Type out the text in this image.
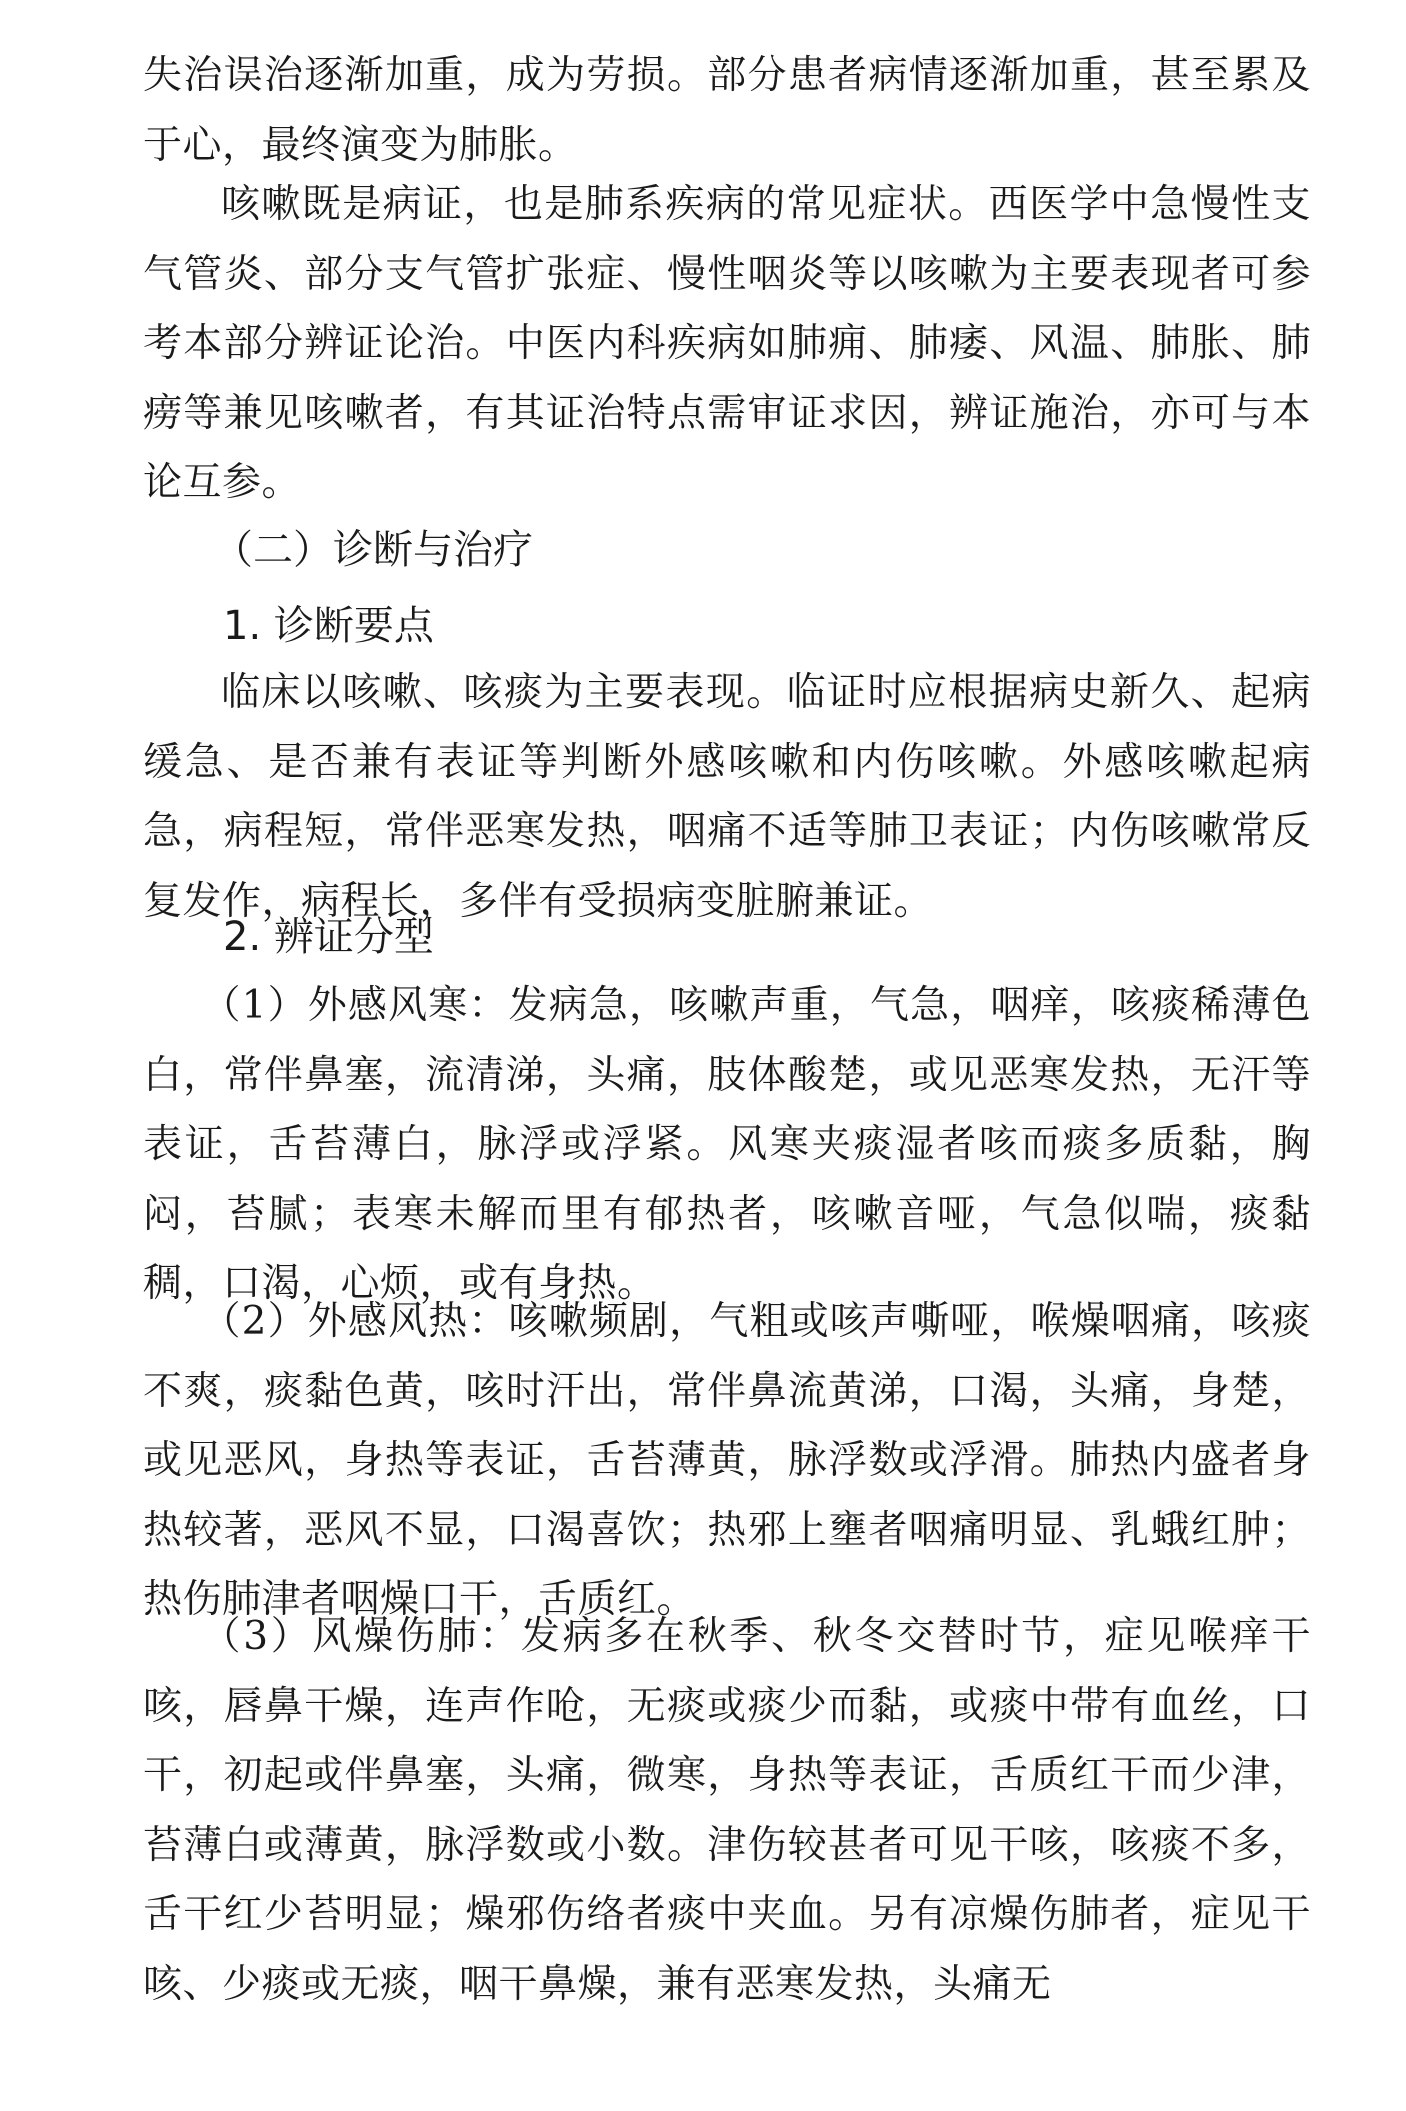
失治误治逐渐加重，成为劳损。部分患者病情逐渐加重，甚至累及于心，最终演变为肺胀。

咳嗽既是病证，也是肺系疾病的常见症状。西医学中急慢性支气管炎、部分支气管扩张症、慢性咽炎等以咳嗽为主要表现者可参考本部分辨证论治。中医内科疾病如肺痈、肺痿、风温、肺胀、肺痨等兼见咳嗽者，有其证治特点需审证求因，辨证施治，亦可与本论互参。

（二）诊断与治疗
1. 诊断要点

临床以咳嗽、咳痰为主要表现。临证时应根据病史新久、起病缓急、是否兼有表证等判断外感咳嗽和内伤咳嗽。外感咳嗽起病急，病程短，常伴恶寒发热，咽痛不适等肺卫表证；内伤咳嗽常反复发作，病程长，多伴有受损病变脏腑兼证。

2. 辨证分型

（1）外感风寒：发病急，咳嗽声重，气急，咽痒，咳痰稀薄色白，常伴鼻塞，流清涕，头痛，肢体酸楚，或见恶寒发热，无汗等表证，舌苔薄白，脉浮或浮紧。风寒夹痰湿者咳而痰多质黏，胸闷，苔腻；表寒未解而里有郁热者，咳嗽音哑，气急似喘，痰黏稠，口渴，心烦，或有身热。

（2）外感风热：咳嗽频剧，气粗或咳声嘶哑，喉燥咽痛，咳痰不爽，痰黏色黄，咳时汗出，常伴鼻流黄涕，口渴，头痛，身楚，或见恶风，身热等表证，舌苔薄黄，脉浮数或浮滑。肺热内盛者身热较著，恶风不显，口渴喜饮；热邪上壅者咽痛明显、乳蛾红肿；热伤肺津者咽燥口干，舌质红。

（3）风燥伤肺：发病多在秋季、秋冬交替时节，症见喉痒干咳，唇鼻干燥，连声作呛，无痰或痰少而黏，或痰中带有血丝，口干，初起或伴鼻塞，头痛，微寒，身热等表证，舌质红干而少津，苔薄白或薄黄，脉浮数或小数。津伤较甚者可见干咳，咳痰不多，舌干红少苔明显；燥邪伤络者痰中夹血。另有凉燥伤肺者，症见干咳、少痰或无痰，咽干鼻燥，兼有恶寒发热，头痛无
